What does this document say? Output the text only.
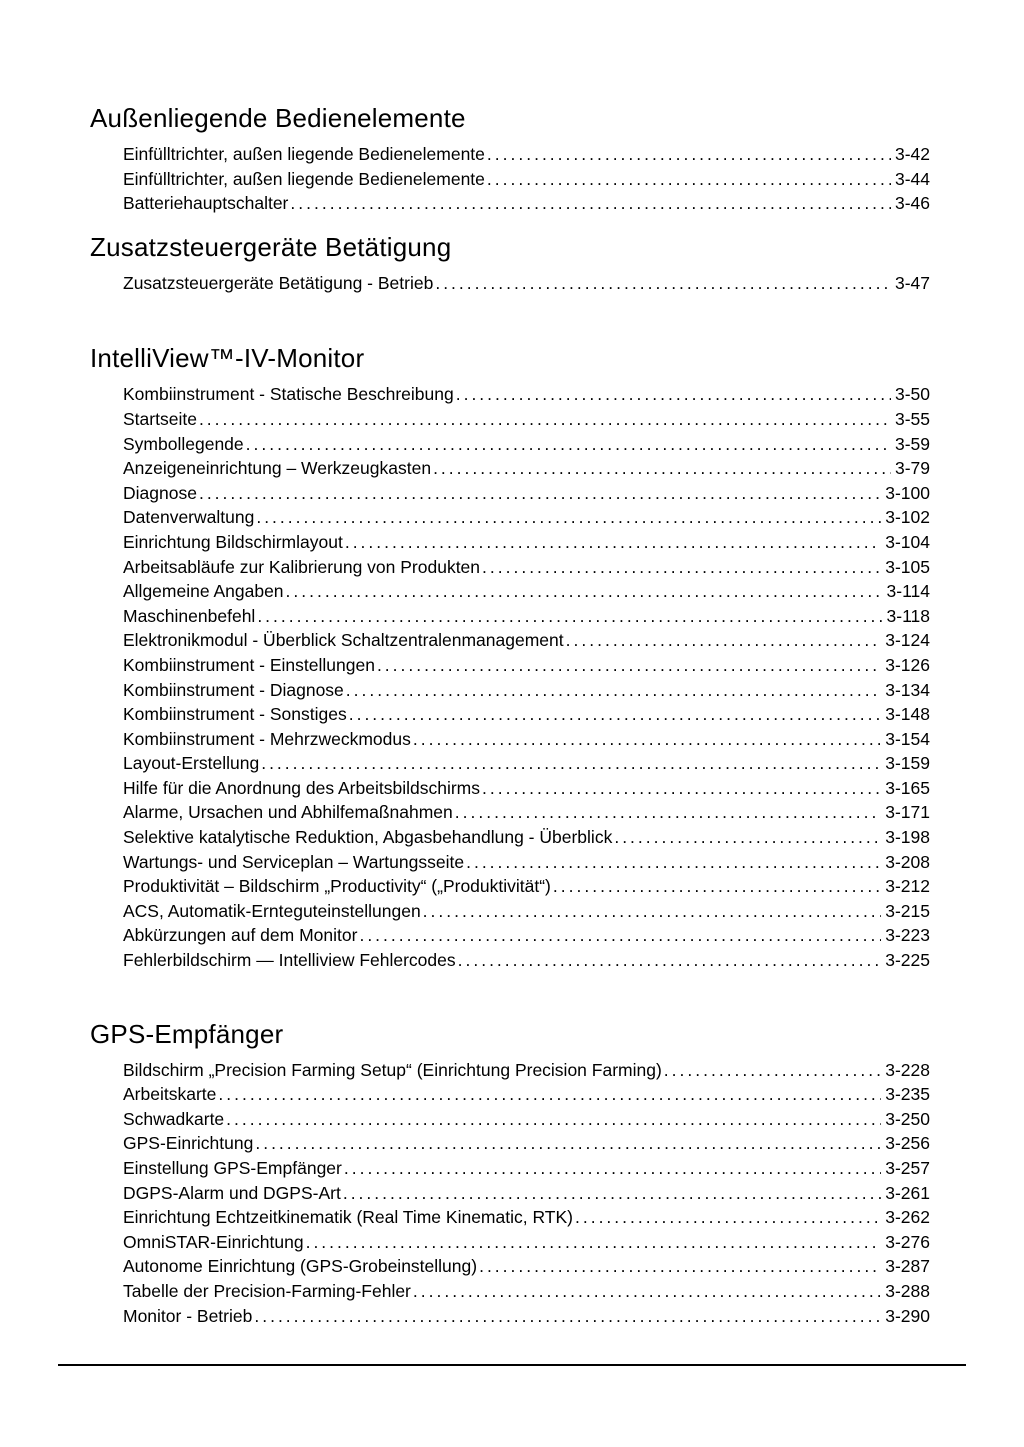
Außenliegende Bedienelemente
Einfülltrichter, außen liegende Bedienelemente .....	3-42
Einfülltrichter, außen liegende Bedienelemente .....	3-44
Batteriehauptschalter .....	3-46
Zusatzsteuergeräte Betätigung
Zusatzsteuergeräte Betätigung - Betrieb .....	3-47
IntelliView™-IV-Monitor
Kombiinstrument - Statische Beschreibung .....	3-50
Startseite .....	3-55
Symbollegende .....	3-59
Anzeigeneinrichtung – Werkzeugkasten .....	3-79
Diagnose .....	3-100
Datenverwaltung .....	3-102
Einrichtung Bildschirmlayout .....	3-104
Arbeitsabläufe zur Kalibrierung von Produkten .....	3-105
Allgemeine Angaben .....	3-114
Maschinenbefehl .....	3-118
Elektronikmodul - Überblick Schaltzentralenmanagement .....	3-124
Kombiinstrument - Einstellungen .....	3-126
Kombiinstrument - Diagnose .....	3-134
Kombiinstrument - Sonstiges .....	3-148
Kombiinstrument - Mehrzweckmodus .....	3-154
Layout-Erstellung .....	3-159
Hilfe für die Anordnung des Arbeitsbildschirms .....	3-165
Alarme, Ursachen und Abhilfemaßnahmen .....	3-171
Selektive katalytische Reduktion, Abgasbehandlung - Überblick .....	3-198
Wartungs- und Serviceplan – Wartungsseite .....	3-208
Produktivität – Bildschirm „Productivity“ („Produktivität“) .....	3-212
ACS, Automatik-Ernteguteinstellungen .....	3-215
Abkürzungen auf dem Monitor .....	3-223
Fehlerbildschirm — Intelliview Fehlercodes .....	3-225
GPS-Empfänger
Bildschirm „Precision Farming Setup“ (Einrichtung Precision Farming) .....	3-228
Arbeitskarte .....	3-235
Schwadkarte .....	3-250
GPS-Einrichtung .....	3-256
Einstellung GPS-Empfänger .....	3-257
DGPS-Alarm und DGPS-Art .....	3-261
Einrichtung Echtzeitkinematik (Real Time Kinematic, RTK) .....	3-262
OmniSTAR-Einrichtung .....	3-276
Autonome Einrichtung (GPS-Grobeinstellung) .....	3-287
Tabelle der Precision-Farming-Fehler .....	3-288
Monitor - Betrieb .....	3-290
